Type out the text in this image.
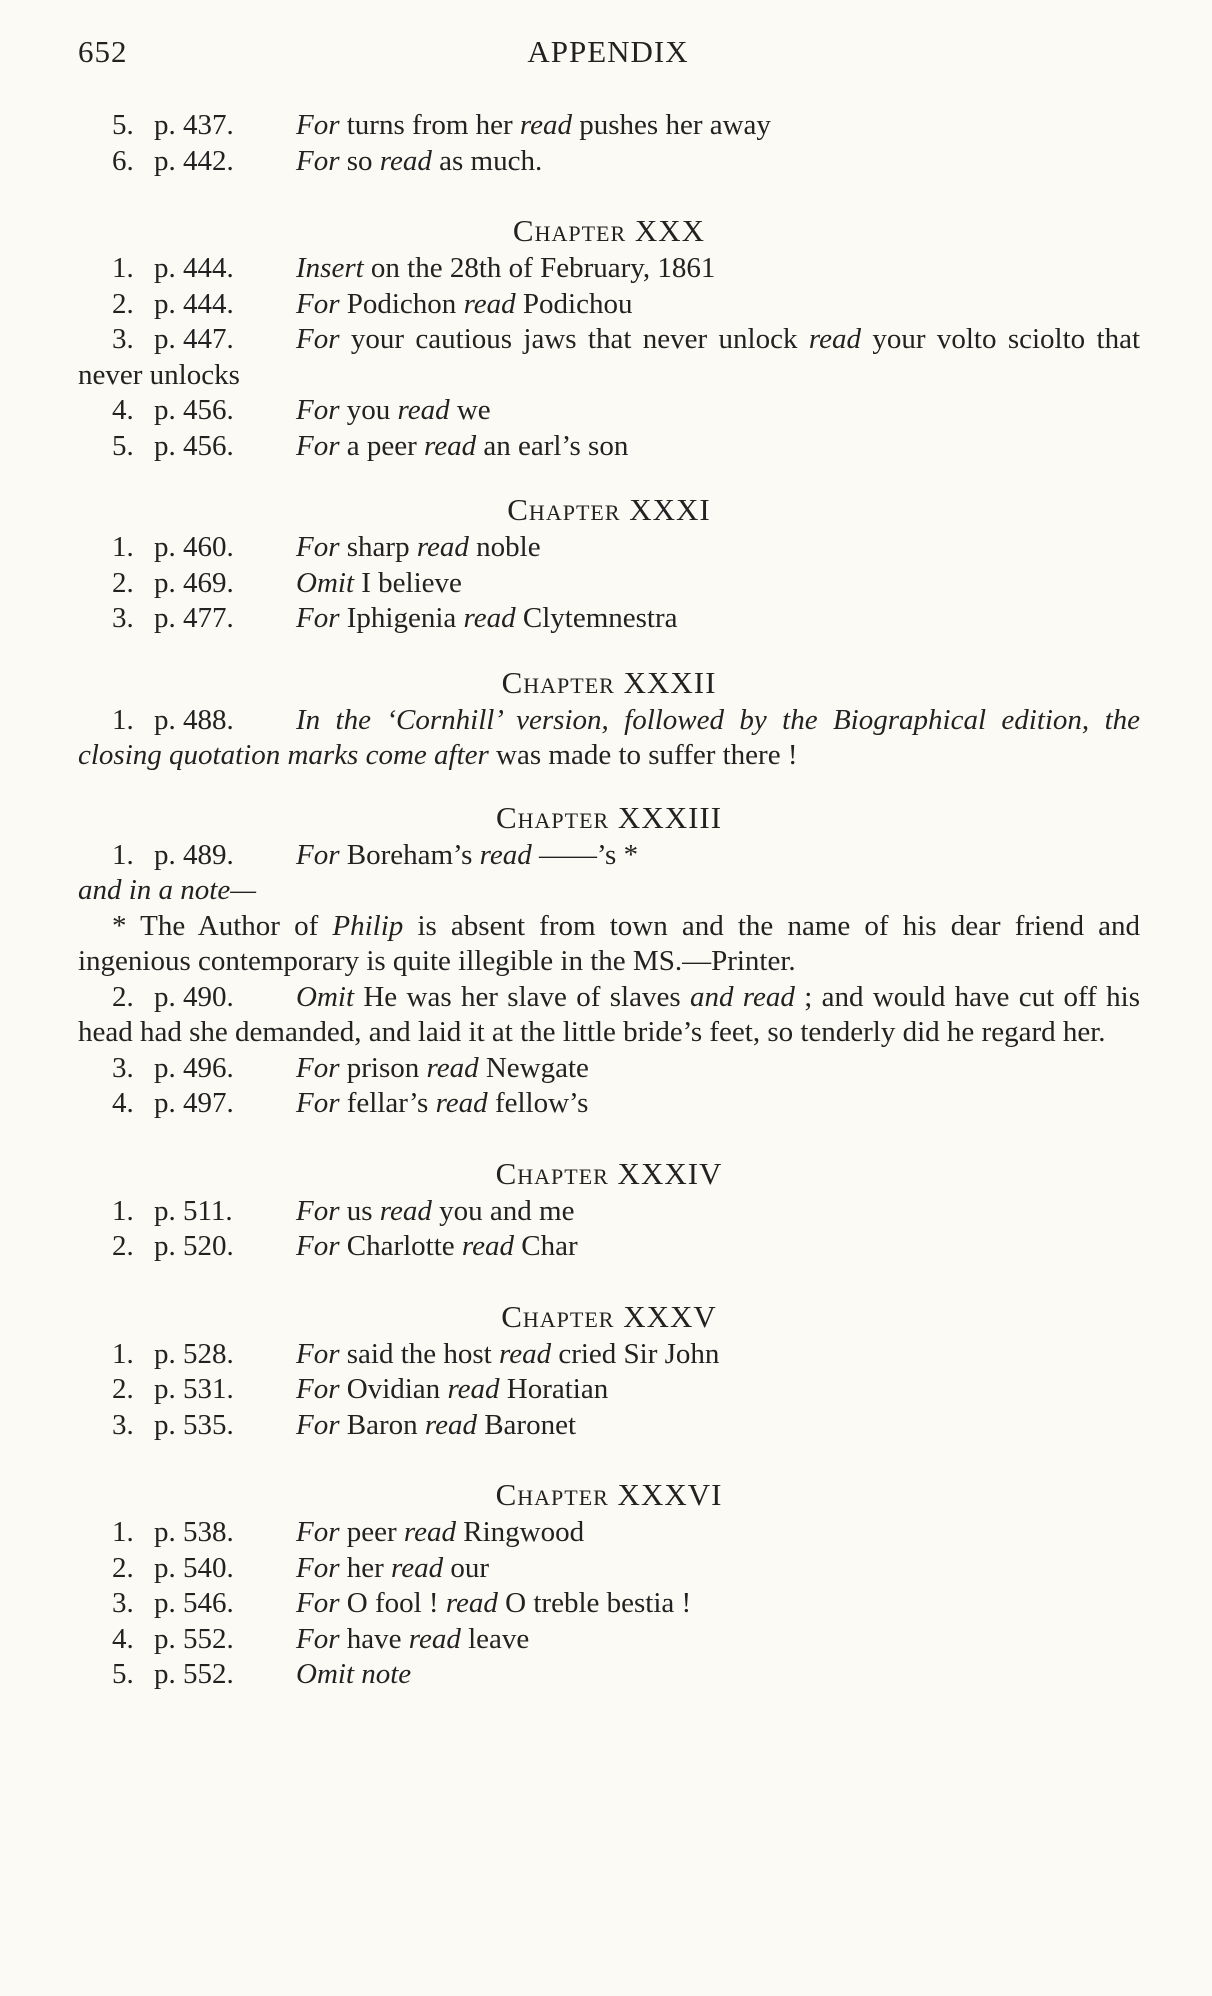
652	APPENDIX

5. p. 437. For turns from her read pushes her away

6. p. 442. For so read as much.

Chapter XXX

1. p. 444. Insert on the 28th of February, 1861

2. p. 444. For Podichon read Podichou

3. p. 447. For your cautious jaws that never unlock read your volto sciolto that never unlocks

4. p. 456. For you read we

5. p. 456. For a peer read an earl’s son

Chapter XXXI

1. p. 460. For sharp read noble

2. p. 469. Omit I believe

3. p. 477. For Iphigenia read Clytemnestra

Chapter XXXII

1. p. 488. In the ‘Cornhill’ version, followed by the Biographical edition, the closing quotation marks come after was made to suffer there !

Chapter XXXIII

1. p. 489. For Boreham’s read ——’s *

and in a note—

* The Author of Philip is absent from town and the name of his dear friend and ingenious contemporary is quite illegible in the MS.—Printer.

2. p. 490. Omit He was her slave of slaves and read ; and would have cut off his head had she demanded, and laid it at the little bride’s feet, so tenderly did he regard her.

3. p. 496. For prison read Newgate

4. p. 497. For fellar’s read fellow’s

Chapter XXXIV

1. p. 511. For us read you and me

2. p. 520. For Charlotte read Char

Chapter XXXV

1. p. 528. For said the host read cried Sir John

2. p. 531. For Ovidian read Horatian

3. p. 535. For Baron read Baronet

Chapter XXXVI

1. p. 538. For peer read Ringwood

2. p. 540. For her read our

3. p. 546. For O fool ! read O treble bestia !

4. p. 552. For have read leave

5. p. 552. Omit note
